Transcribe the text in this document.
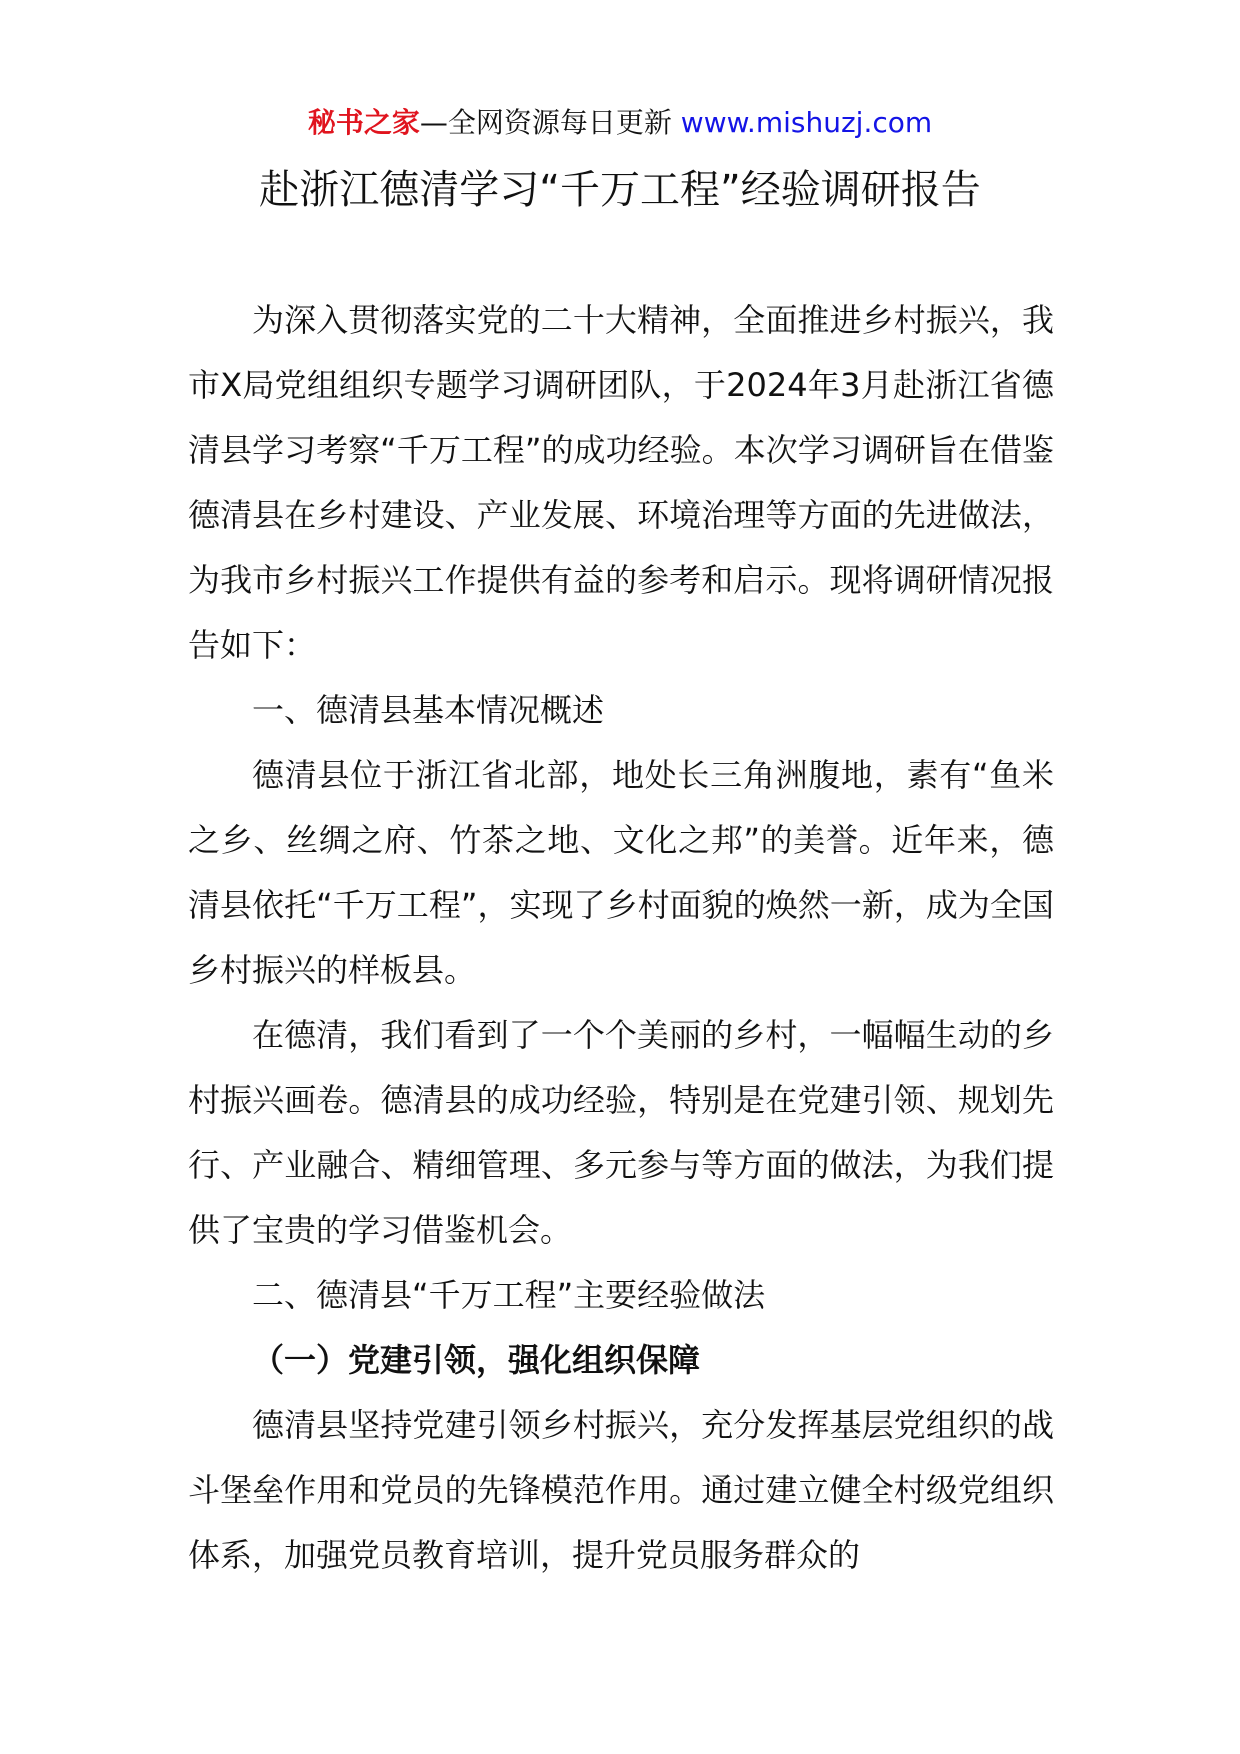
秘书之家—全网资源每日更新 www.mishuzj.com
赴浙江德清学习“千万工程”经验调研报告

为深入贯彻落实党的二十大精神，全面推进乡村振兴，我市X局党组组织专题学习调研团队，于2024年3月赴浙江省德清县学习考察“千万工程”的成功经验。本次学习调研旨在借鉴德清县在乡村建设、产业发展、环境治理等方面的先进做法，为我市乡村振兴工作提供有益的参考和启示。现将调研情况报告如下：

一、德清县基本情况概述

德清县位于浙江省北部，地处长三角洲腹地，素有“鱼米之乡、丝绸之府、竹茶之地、文化之邦”的美誉。近年来，德清县依托“千万工程”，实现了乡村面貌的焕然一新，成为全国乡村振兴的样板县。

在德清，我们看到了一个个美丽的乡村，一幅幅生动的乡村振兴画卷。德清县的成功经验，特别是在党建引领、规划先行、产业融合、精细管理、多元参与等方面的做法，为我们提供了宝贵的学习借鉴机会。

二、德清县“千万工程”主要经验做法

（一）党建引领，强化组织保障

德清县坚持党建引领乡村振兴，充分发挥基层党组织的战斗堡垒作用和党员的先锋模范作用。通过建立健全村级党组织体系，加强党员教育培训，提升党员服务群众的
